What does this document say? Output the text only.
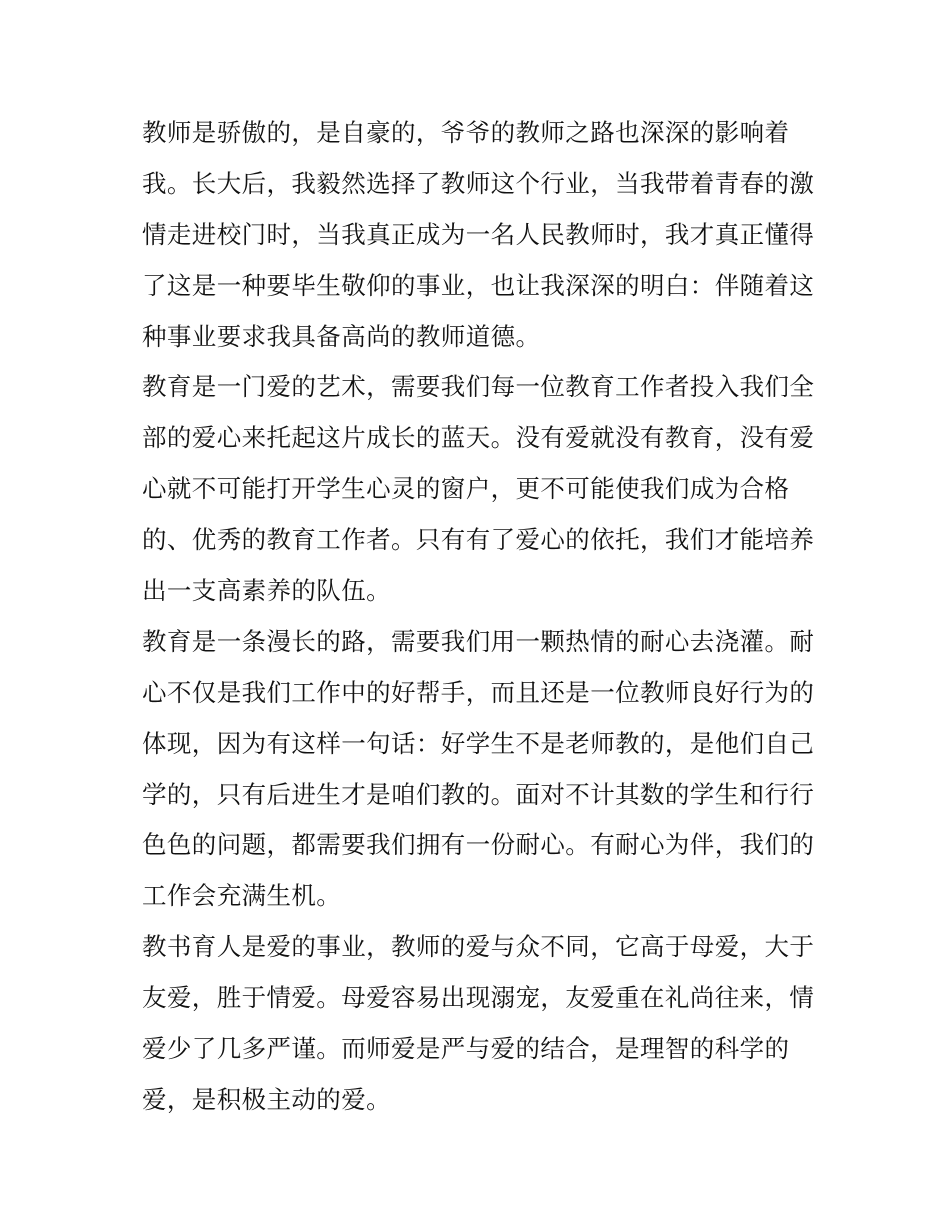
教师是骄傲的，是自豪的，爷爷的教师之路也深深的影响着
我。长大后，我毅然选择了教师这个行业，当我带着青春的激
情走进校门时，当我真正成为一名人民教师时，我才真正懂得
了这是一种要毕生敬仰的事业，也让我深深的明白：伴随着这
种事业要求我具备高尚的教师道德。
教育是一门爱的艺术，需要我们每一位教育工作者投入我们全
部的爱心来托起这片成长的蓝天。没有爱就没有教育，没有爱
心就不可能打开学生心灵的窗户，更不可能使我们成为合格
的、优秀的教育工作者。只有有了爱心的依托，我们才能培养
出一支高素养的队伍。
教育是一条漫长的路，需要我们用一颗热情的耐心去浇灌。耐
心不仅是我们工作中的好帮手，而且还是一位教师良好行为的
体现，因为有这样一句话：好学生不是老师教的，是他们自己
学的，只有后进生才是咱们教的。面对不计其数的学生和行行
色色的问题，都需要我们拥有一份耐心。有耐心为伴，我们的
工作会充满生机。
教书育人是爱的事业，教师的爱与众不同，它高于母爱，大于
友爱，胜于情爱。母爱容易出现溺宠，友爱重在礼尚往来，情
爱少了几多严谨。而师爱是严与爱的结合，是理智的科学的
爱，是积极主动的爱。
